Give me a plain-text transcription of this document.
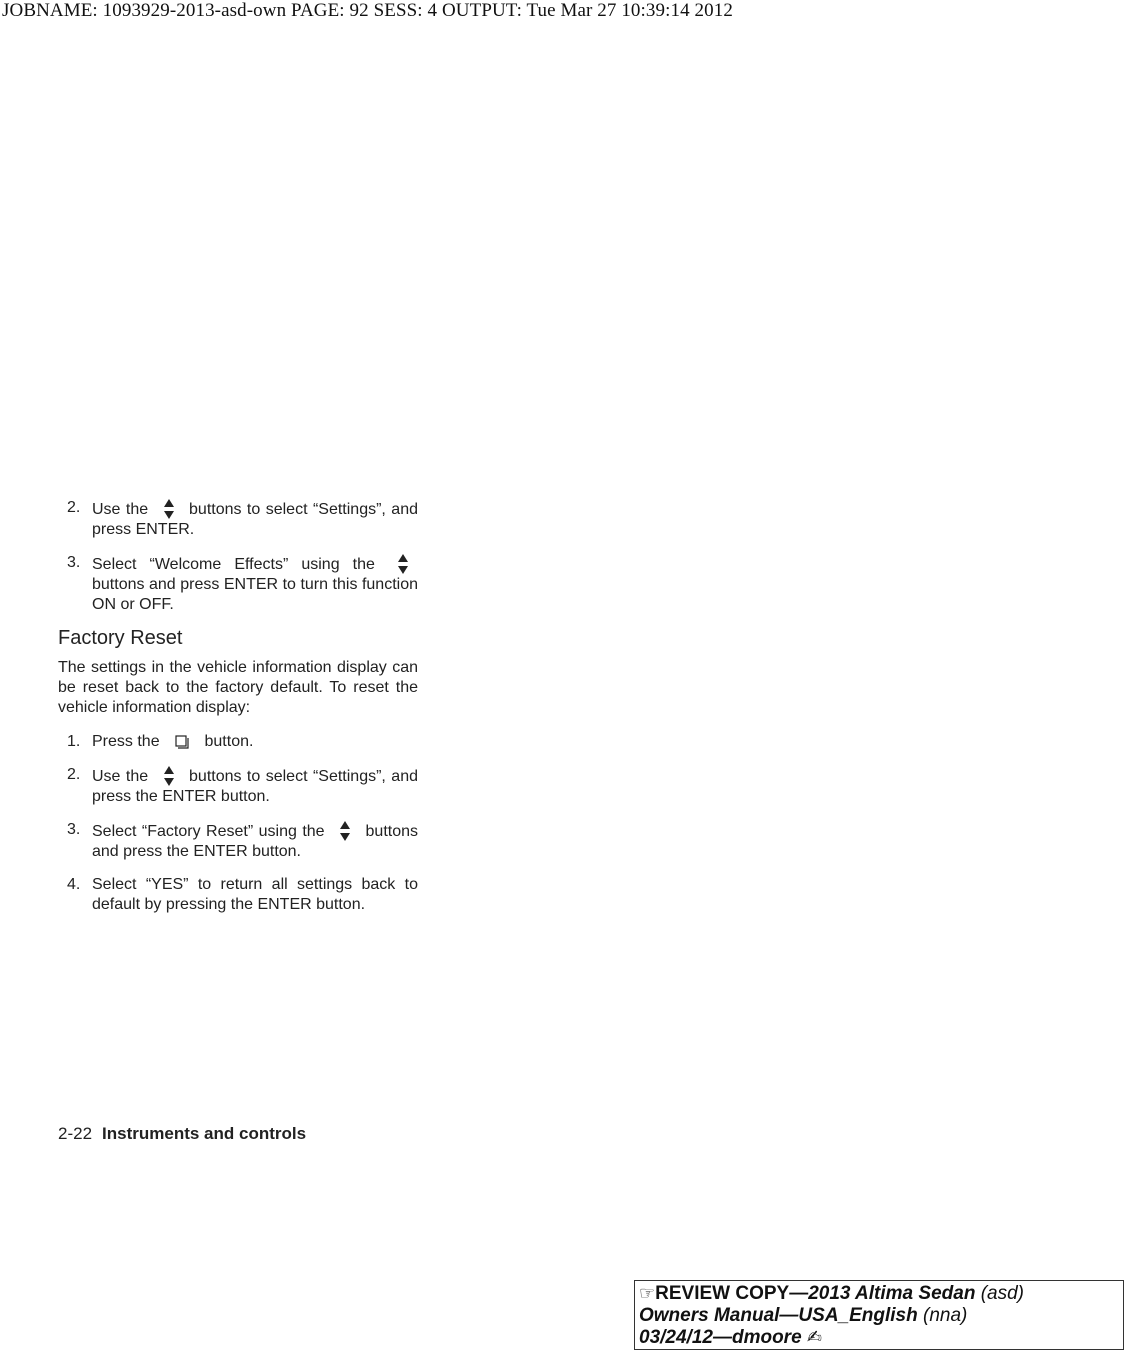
JOBNAME: 1093929-2013-asd-own PAGE: 92 SESS: 4 OUTPUT: Tue Mar 27 10:39:14 2012
2. Use the	buttons to select “Settings”, and press ENTER.
3. Select “Welcome Effects” using the  buttons and press ENTER to turn this function ON or OFF.
Factory Reset

The settings in the vehicle information display can be reset back to the factory default. To reset the vehicle information display:

1. Press the	button.
2. Use the	buttons to select “Settings”, and press the ENTER button.
3. Select “Factory Reset” using the	buttons and press the ENTER button.
4. Select “YES” to return all settings back to default by pressing the ENTER button.
2-22 Instruments and controls
☞REVIEW COPY—2013 Altima Sedan (asd)
Owners Manual—USA_English (nna)
03/24/12—dmoore ✍
